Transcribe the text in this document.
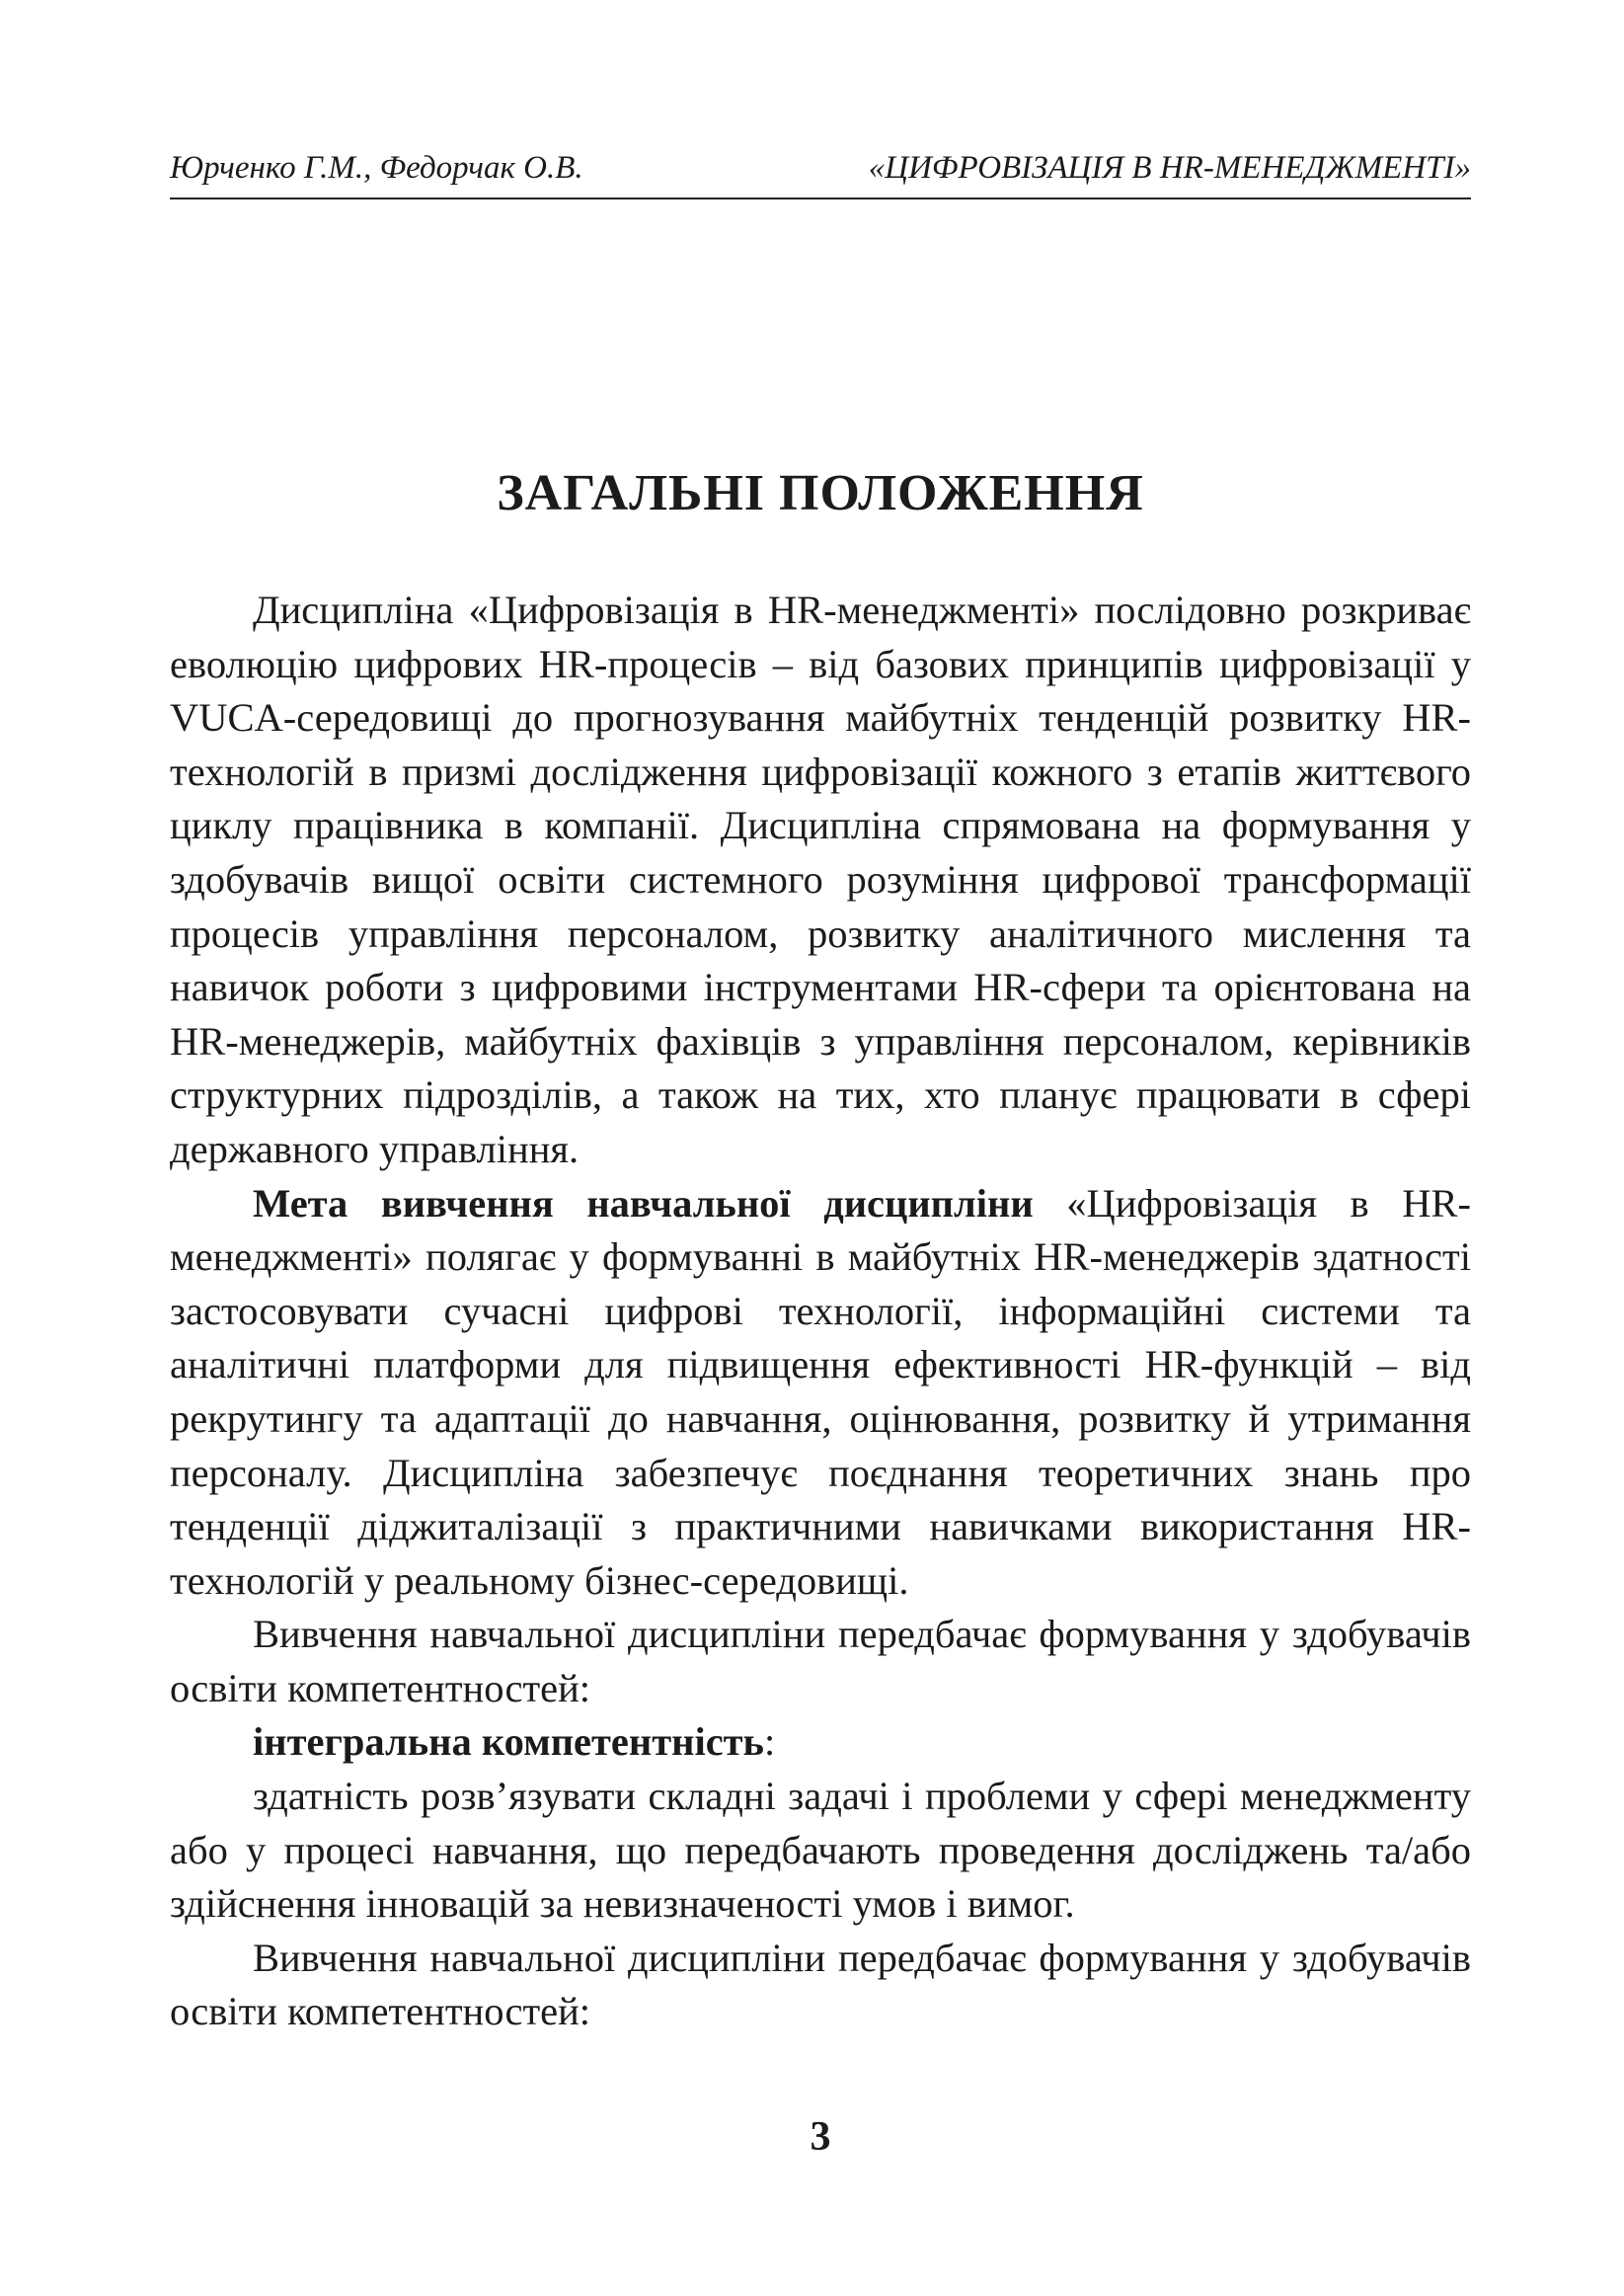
Юрченко Г.М., Федорчак О.В.	«ЦИФРОВІЗАЦІЯ В HR-МЕНЕДЖМЕНТІ»
ЗАГАЛЬНІ ПОЛОЖЕННЯ

Дисципліна «Цифровізація в HR-менеджменті» послідовно розкриває еволюцію цифрових HR-процесів – від базових принципів цифровізації у VUCA-середовищі до прогнозування майбутніх тенденцій розвитку HR-технологій в призмі дослідження цифровізації кожного з етапів життєвого циклу працівника в компанії. Дисципліна спрямована на формування у здобувачів вищої освіти системного розуміння цифрової трансформації процесів управління персоналом, розвитку аналітичного мислення та навичок роботи з цифровими інструментами HR-сфери та орієнтована на HR-менеджерів, майбутніх фахівців з управління персоналом, керівників структурних підрозділів, а також на тих, хто планує працювати в сфері державного управління.

Мета вивчення навчальної дисципліни «Цифровізація в HR-менеджменті» полягає у формуванні в майбутніх HR-менеджерів здатності застосовувати сучасні цифрові технології, інформаційні системи та аналітичні платформи для підвищення ефективності HR-функцій – від рекрутингу та адаптації до навчання, оцінювання, розвитку й утримання персоналу. Дисципліна забезпечує поєднання теоретичних знань про тенденції діджиталізації з практичними навичками використання HR-технологій у реальному бізнес-середовищі.

Вивчення навчальної дисципліни передбачає формування у здобувачів освіти компетентностей:

інтегральна компетентність:

здатність розв’язувати складні задачі і проблеми у сфері менеджменту або у процесі навчання, що передбачають проведення досліджень та/або здійснення інновацій за невизначеності умов і вимог.

Вивчення навчальної дисципліни передбачає формування у здобувачів освіти компетентностей:

3
